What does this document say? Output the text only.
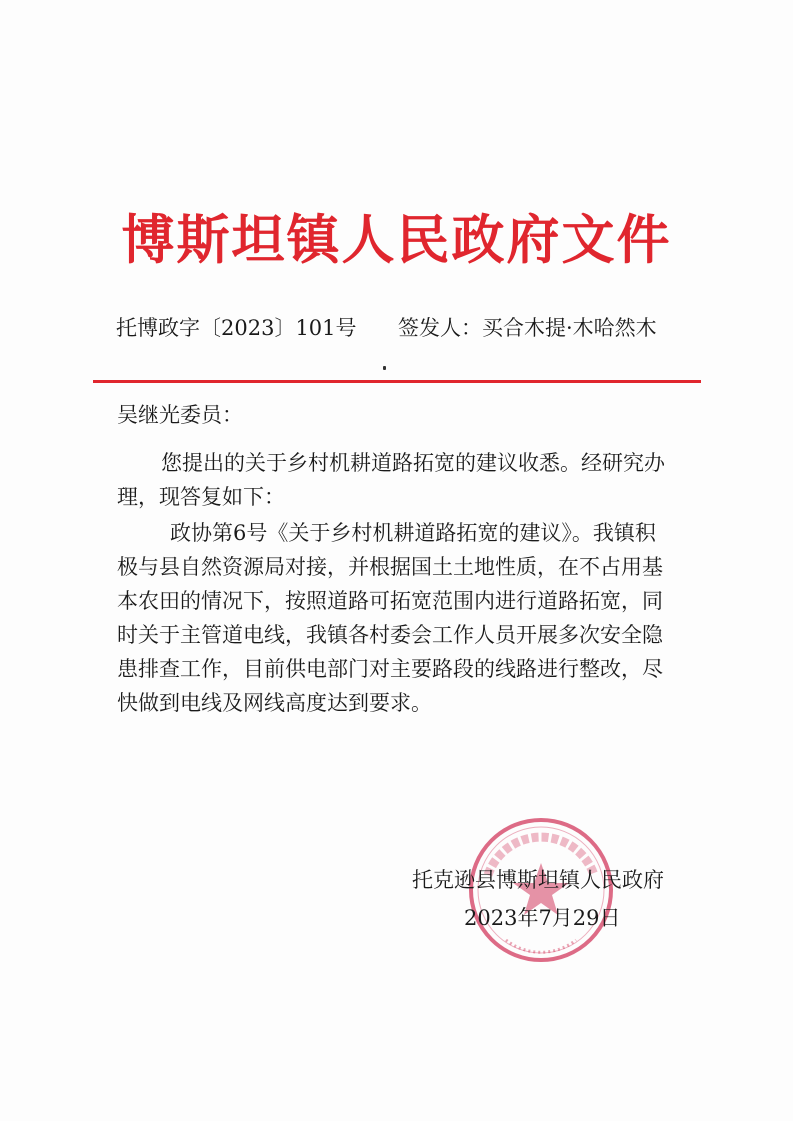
博斯坦镇人民政府文件
托博政字〔2023〕101号 签发人：买合木提·木哈然木
吴继光委员：
您提出的关于乡村机耕道路拓宽的建议收悉。经研究办
理，现答复如下：
政协第6号《关于乡村机耕道路拓宽的建议》。我镇积
极与县自然资源局对接，并根据国土土地性质，在不占用基
本农田的情况下，按照道路可拓宽范围内进行道路拓宽，同
时关于主管道电线，我镇各村委会工作人员开展多次安全隐
患排查工作，目前供电部门对主要路段的线路进行整改，尽
快做到电线及网线高度达到要求。
托克逊县博斯坦镇人民政府
2023年7月29日
